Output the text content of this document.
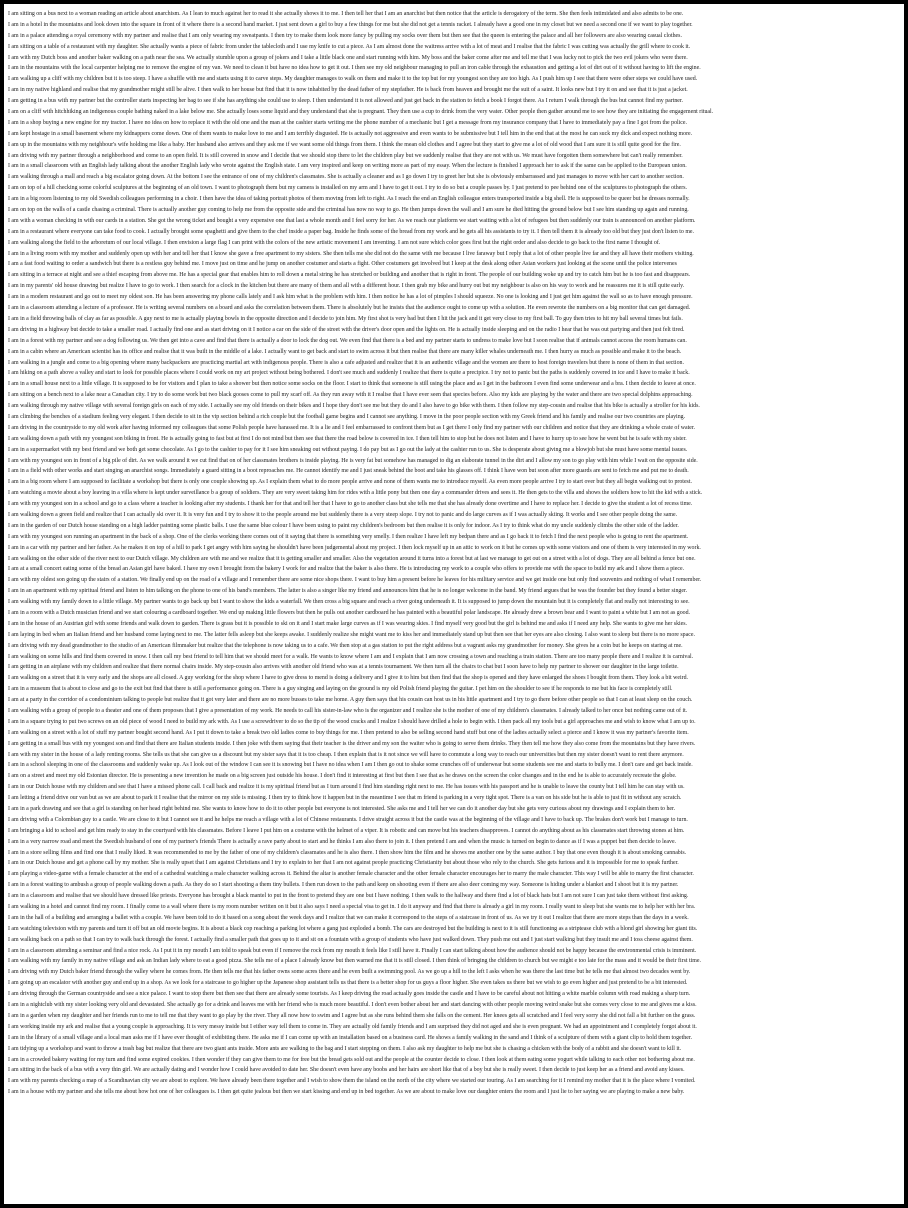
I am sitting on a bus next to a woman reading an article about anarchism. As I lean to much against her to read it she actually shows it to me. I then tell her that I am an anarchist but then notice that the article is derogatory of the term. She then feels intimidated and also admits to be one.
I am in a hotel in the mountains and look down into the square in front of it where there is a second hand market. I just sent down a girl to buy a few things for me but she did not get a tennis racket. I already have a good one in my closet but we need a second one if we want to play together.
I am in a palace attending a royal ceremony with my partner and realise that I am only wearing my sweatpants. I then try to make them look more fancy by pulling my socks over them but then see that the queen is entering the palace and all her followers are also wearing casual clothes.
I am sitting on a table of a restaurant with my daughter. She actually wants a piece of fabric from under the tablecloth and I use my knife to cut a piece. As I am almost done the waitress arrive with a lot of meat and I realise that the fabric I was cutting was actually the grill where to cook it.
I am with my Dutch boss and another baker walking on a path near the sea. We actually stumble upon a group of jokers and I take a little black one and start running with him. My boss and the baker come after me and tell me that I was lucky not to pick the two evil jokers who were there.
I am in the mountains with the local carpenter helping me to remove the engine of my van. We need to clean it but have no idea how to get it out. I then see my old neighbour managing to pull an iron cable through the exhaustion and getting a lot of dirt out of it without having to lift the engine.
I am walking up a cliff with my children but it is too steep. I have a shuffle with me and starts using it to carve steps. My daughter manages to walk on them and make it to the top but for my youngest son they are too high. As I push him up I see that there were other steps we could have used.
I am in my native highland and realise that my grandmother might still be alive. I then walk to her house but find that it is now inhabited by the dead father of my stepfather. He is back from heaven and brought me the suit of a saint. It looks new but I try it on and see that it is just a jacket.
I am getting in a bus with my partner but the controller starts inspecting her bag to see if she has anything she could use to sleep. I then understand it is not allowed and just get back in the station to fetch a book I forgot there. As I return I walk through the bus but cannot find my partner.
I am on a cliff with hitchhiking an indigenous couple bathing naked in a lake below me. She actually loses some liquid and they understand that she is pregnant. They then use a cup to drink from the very water. Other people then gather around me to see how they are initiating the engagement ritual.
I am in a shop buying a new engine for my tractor. I have no idea on how to replace it with the old one and the man at the cashier starts writing me the phone number of a mechanic but I get a message from my insurance company that I have to immediately pay a fine I got from the police.
I am kept hostage in a small basement where my kidnappers come down. One of them wants to make love to me and I am terribly disgusted. He is actually not aggressive and even wants to be submissive but I tell him in the end that at the most he can suck my dick and expect nothing more.
I am up in the mountains with my neighbour's wife holding me like a baby. Her husband also arrives and they ask me if we want some old things from them. I think the mean old clothes and I agree but they start to give me a lot of old wood that I am sure it is still quite good for the fire.
I am driving with my partner through a neighborhood and come to an open field. It is still covered in snow and I decide that we should stop there to let the children play but we suddenly realise that they are not with us. We must have forgotten them somewhere but can't really remember.
I am in a small classroom with an English lady talking about the another English lady who wrote against the English state. I am very inspired and keep on writing more as part of my essay. When the lecture is finished I approach her to ask if the same can be applied to the European union.
I am walking through a mall and reach a big escalator going down. At the bottom I see the entrance of one of my children's classmates. She is actually a cleaner and as I go down I try to greet her but she is obviously embarrassed and just manages to move with her cart to another section.
I am on top of a hill checking some colorful sculptures at the beginning of an old town. I want to photograph them but my camera is installed on my arm and I have to get it out. I try to do so but a couple passes by. I just pretend to pee behind one of the sculptures to photograph the others.
I am in a big room listening to my old Swedish colleagues performing in a choir. I then have the idea of taking portrait photos of them moving from left to right. As I reach the end an English colleague enters transported inside a big shell. He is supposed to be queer but he dresses normally.
I am on top on the walls of a castle chasing a criminal. There is actually another guy coming to help me from the opposite side and the criminal has now no way to go. He then jumps down the wall and I am sure he died hitting the ground below but I see him standing up again and running.
I am with a woman checking in with our cards in a station. She got the wrong ticket and bought a very expensive one that last a whole month and I feel sorry for her. As we reach our platform we start waiting with a lot of refugees but then suddenly our train is announced on another platform.
I am in a restaurant where everyone can take food to cook. I actually brought some spaghetti and give them to the chef inside a paper bag. Inside he finds some of the bread from my work and he gets all his assistants to try it. I then tell them it is already too old but they just don't listen to me.
I am walking along the field to the arboretum of our local village. I then envision a large flag I can print with the colors of the new artistic movement I am inventing. I am not sure which color goes first but the right order and also decide to go back to the first name I thought of.
I am in a living room with my mother and suddenly open up with her and tell her that I know she gave a free apartment to my sisters. She then tells me she did not do the same with me because I live faraway but I reply that a lot of other people live far and they all have their mothers visiting.
I am a fast food waiting to order a sandwich but there is a restless guy behind me. I move just on time and he jump on another costumer and starts a fight. Other costumers get involved but I keep at the desk along other Asian workers just looking at the scene until the police intervenes
I am sitting in a terrace at night and see a thief escaping from above me. He has a special gear that enables him to roll down a metal string he has stretched or building and another that is right in front. The people of our building woke up and try to catch him but he is too fast and disappears.
I am in my parents' old house drawing but realize I have to go to work. I then search for a clock in the kitchen but there are many of them and all with a different hour. I then grab my bike and hurry out but my neighbour is also on his way to work and he reassures me it is still quite early.
I am in a modern restaurant and go out to meet my oldest son. He has been answering my phone calls lately and I ask him what is the problem with him. I then notice he has a lot of pimples I should squeeze. No one is looking and I just get him against the wall so as to have enough pressure.
I am in a classroom attending a lecture of a professor. He is writing several numbers on a board and asks the correlation between them. There is absolutely but he insists that the audience ought to come up with a solution. He even rewrote the numbers on a big monitor that can get damaged.
I am in a field throwing balls of clay as far as possible. A guy next to me is actually playing bowls in the opposite direction and I decide to join him. My first shot is very bad but then I hit the jack and it get very close to my first ball. To guy then tries to hit my ball several times but fails.
I am driving in a highway but decide to take a smaller road. I actually find one and as start driving on it I notice a car on the side of the street with the driver's door open and the lights on. He is actually inside sleeping and on the radio I hear that he was out partying and then just felt tired.
I am in a forest with my partner and see a dog following us. We then get into a cave and find that there is actually a door to lock the dog out. We even find that there is a bed and my partner starts to undress to make love but I soon realise that if animals cannot access the room humans can.
I am in a cabin where an American scientist has its office and realise that it was built in the middle of a lake. I actually want to get back and start to swim across it but then realise that there are many killer whales underneath me. I then hurry as much as possible and make it to the beach.
I am walking in a jungle and come to a big opening where many backpackers are practicing martial art with indigenous people. There is also a cafe adjusted and realize that it is an authentic village and the women are there to host foreign travelers but there is none of them in that section.
I am hiking on a path above a valley and start to look for possible places where I could work on my art project without being bothered. I don't see much and suddenly I realize that there is quite a precipice. I try not to panic but the paths is suddenly covered in ice and I have to make it back.
I am in a small house next to a little village. It is supposed to be for visitors and I plan to take a shower but then notice some socks on the floor. I start to think that someone is still using the place and as I get in the bathroom I even find some underwear and a bra. I then decide to leave at once.
I am sitting on a bench next to a lake near a Canadian city. I try to do some work but two black gooses come to pull my scarf off. As they run away with it I realise that I have ever seen that species before. Also my kids are playing by the water and there are two special dolphins approaching.
I am walking through my native village with several foreign girls on each of my side. I actually see my old friends on their bikes and I hope they don't see me but they do and I also have to go bike with them. I then follow my step-cousin and realise that his bike is actually a stroller for his kids.
I am climbing the benches of a stadium feeling very elegant. I then decide to sit in the vip section behind a rich couple but the football game begins and I cannot see anything. I move in the poor people section with my Greek friend and his family and realise our two countries are playing.
I am driving in the countryside to my old work after having informed my colleagues that some Polish people have harassed me. It is a lie and I feel embarrassed to confront them but as I get there I only find my partner with our children and notice that they are drinking a whole crate of water.
I am walking down a path with my youngest son biking in front. He is actually going to fast but at first I do not mind but then see that there the road below is covered in ice. I then tell him to stop but he does not listen and I have to hurry up to see how he went but he is safe with my sister.
I am in a supermarket with my best friend and we both get some chocolate. As I go to the cashier to pay for it I see him sneaking out without paying. I do pay but as I go out the lady at the cashier run to us. She is desperate about giving me a blowjob but she must have some mental issues.
I am with my youngest son in front of a big pile of dirt. As we walk around it we cut find that on of her classmates brothers is inside playing. He is very fat but somehow has managed to dig an elaborate tunnel in the dirt and I allow my son to go play with him while I wait on the opposite side.
I am in a field with other works and start singing an anarchist songs. Immediately a guard sitting in a boot reproaches me. He cannot identify me and I just sneak behind the boot and take his glasses off. I think I have won but soon after more guards are sent to fetch me and put me to death.
I am in a big room where I am supposed to facilitate a workshop but there is only one couple showing up. As I explain them what to do more people arrive and none of them wants me to introduce myself. As even more people arrive I try to start over but they all begin walking out to protest.
I am watching a movie about a boy leaving in a villa where is kept under surveillance b a group of soldiers. They are very sweet taking him for rides with a little pony but then one day a commander drives and sees it. He then gets to the villa and shows the soldiers how to hit the kid with a stick.
I am with my youngest son in a school and go to a class where a teacher is looking after my students. I thank her for that and tell her that I have to go to another class but she tells me that she has already done overtime and I have to replace her. I decide to give the student a lot of recess time.
I am walking down a green field and realize that I can actually ski over it. It is very fun and I try to show it to the people around me but suddenly there is a very steep slope. I try not to panic and do large curves as if I was actually skiing. It works and I see other people doing the same.
I am in the garden of our Dutch house standing on a high ladder painting some plastic balls. I use the same blue colour I have been using to paint my children's bedroom but then realise it is only for indoor. As I try to think what do my uncle suddenly climbs the other side of the ladder.
I am with my youngest son running an apartment in the back of a shop. One of the clerks working there comes out of it saying that there is something very smelly. I then realize I have left my bedpan there and as I go back it to fetch I find the next people who is going to rent the apartment.
I am in a car with my partner and her father. As he makes it on top of a hill to park I get angry with him saying he shouldn't have been judgemental about my project. I then lock myself up in an attic to work on it but he comes up with some visitors and one of them is very interested in my work.
I am walking on the other side of the river next to our Dutch village. My children are with me and we realize that it is getting smaller and smaller. Also the vegetation around it turns into a forest but at last we manage to get out on a street with a lot of dogs. They are all behind a fence but one.
I am at a small concert eating some of the bread an Asian girl have baked. I have my own I brought from the bakery I work for and realize that the baker is also there. He is introducing my work to a couple who offers to provide me with the space to build my ark and I show them a piece.
I am with my oldest son going up the stairs of a station. We finally end up on the road of a village and I remember there are some nice shops there. I want to buy him a present before he leaves for his military service and we get inside one but only find souvenirs and nothing of what I remember.
I am in an apartment with my spiritual friend and listen to him talking on the phone to one of his band's members. The latter is also a singer like my friend and announces him that he is no longer welcome in the band. My friend argues that he was the founder but they found a better singer.
I am walking with my family down to a little village. My partner wants to go back up but I want to show the kids a waterfall. We then cross a big square and reach a river going underneath it. It is supposed to jump down the mountain but it is completely flat and really not interesting to see.
I am in a room with a Dutch musician friend and we start colouring a cardboard together. We end up making little flowers but then he pulls out another cardboard he has painted with a beautiful polar landscape. He already drew a brown bear and I want to paint a white but I am not as good.
I am in the house of an Austrian girl with some friends and walk down to garden. There is grass but it is possible to ski on it and I start make large curves as if I was wearing skies. I find myself very good but the girl is behind me and asks if I need any help. She wants to give me her skies.
I am laying in bed when an Italian friend and her husband come laying next to me. The latter fells asleep but she keeps awake. I suddenly realize she might want me to kiss her and immediately stand up but then see that her eyes are also closing. I also want to sleep but there is no more space.
I am driving with my dead grandmother to the studio of an American filmmaker but realize that the telephone is now taking us to a cafe. We then stop at a gas station to put the right address but a vagrant asks my grandmother for money. She gives he a coin but he keeps on staring at me.
I am walking on some hills and find them covered in snow. I then call my best friend to tell him that we should meet for a walk. He wants to know where I am and I explain that I am now crossing a town and reaching a train station. There are too many people there and I realize it is carnival.
I am getting in an airplane with my children and realize that there normal chairs inside. My step-cousin also arrives with another old friend who was at a tennis tournament. We then turn all the chairs to chat but I soon have to help my partner to shower our daughter in the large toilette.
I am walking on a street that it is very early and the shops are all closed. A guy working for the shop where I have to give dress to mend is doing a delivery and I give it to him but then find that the shop is opened and they have enlarged the shoes I bought from them. They look a bit weird.
I am in a museum that is about to close and go to the exit but find that there is still a performance going on. There is a guy singing and laying on the ground is my old Polish friend playing the guitar. I pet him on the shoulder to see if he responds to me but his face is completely still.
I am at a party in the corridor of a condominium talking to people but realize that it got very later and there are no more busses to take me home. A guy then says that his cousin can host us in his little apartment and I try to go there before other people so that I can at least sleep on the couch.
I am walking with a group of people to a theater and one of them proposes that I give a presentation of my work. He needs to call his sister-in-law who is the organizer and I realize she is the mother of one of my children's classmates. I already talked to her once but nothing came out of it.
I am in a square trying to put two screws on an old piece of wood I need to build my ark with. As I use a screwdriver to do so the tip of the wood cracks and I realize I should have drilled a hole to begin with. I then pack all my tools but a girl approaches me and wish to know what I am up to.
I am walking on a street with a lot of stuff my partner bought second hand. As I put it down to take a break two old ladies come to buy things for me. I then pretend to also be selling second hand stuff but one of the ladies actually select a pierce and I know it was my partner's favorite item.
I am getting in a small bus with my youngest son and find that there are Italian students inside. I then joke with them saying that their teacher is the driver and my son the waiter who is going to serve them drinks. They then tell me how they also come from the mountains but they have rivers.
I am with my sister in the house of a lady renting rooms. She tells us that she can give us a discount but my sister says that it is too cheap. I then explain that is it not since we will have to commute a long way to reach our universities but then my sister doesn't want to rent there anymore.
I am in a school sleeping in one of the classrooms and suddenly wake up. As I look out of the window I can see it is snowing but I have no idea when I am I then go out to shake some crunches off of underwear but some students see me and starts to bully me. I don't care and get back inside.
I am on a street and meet my old Estonian director. He is presenting a new invention he made on a big screen just outside his house. I don't find it interesting at first but then I see that as he draws on the screen the color changes and in the end he is able to accurately recreate the globe.
I am in our Dutch house with my children and see that I have a missed phone call. I call back and realize it is my spiritual friend but as I turn around I find him standing right next to me. He has issues with his passport and he is unable to leave the county but I tell him he can stay with us.
I am letting a friend drive our van but as we are about to park it I realise that the mirror on my side is missing. I then try to think how it happen but in the meantime I see that m friend is parking in a very tight spot. There is a van on his side but he is able to just fit in without any scratch.
I am in a park drawing and see that a girl is standing on her head right behind me. She wants to know how to do it to other people but everyone is not interested. She asks me and I tell her we can do it another day but she gets very curious about my drawings and I explain them to her.
I am driving with a Colombian guy to a castle. We are close to it but I cannot see it and he helps me reach a village with a lot of Chinese restaurants. I drive straight across it but the castle was at the beginning of the village and I have to back up. The brakes don't work but I manage to turn.
I am bringing a kid to school and get him ready to stay in the courtyard with his classmates. Before I leave I put him on a costume with the helmet of a viper. It is robotic and can move but his teachers disapproves. I cannot do anything about as his classmates start throwing stones at him.
I am in a very narrow road and meet the Swedish husband of one of my partner's friends There is actually a rave party about to start and he thinks I am also there to join it. I then pretend I am and when the music is turned on begin to dance as if I was a puppet but then decide to leave.
I am in a store selling films and find one that I really liked. It was recommended to me by the father of one of my children's classmates and he is also there. I then show him the film and he shows me another one by the same author. I buy that one even though it is about smoking cannabis.
I am in our Dutch house and get a phone call by my mother. She is really upset that I am against Christians and I try to explain to her that I am not against people practicing Christianity but about those who rely to the church. She gets furious and it is impossible for me to speak further.
I am playing a video-game with a female character at the end of a cathedral watching a male character walking across it. Behind the altar is another female character and the other female character encourages her to marry the male character. This way I will be able to marry the first character.
I am in a forest waiting to ambush a group of people walking down a path. As they do so I start shooting a them tiny bullets. I then run down to the path and keep on shooting even if there are also deer coming my way. Someone is hiding under a blanket and I shoot but it is my partner.
I am in a classroom and realise that we should have dressed like priests. Everyone has brought a black mantel to put in the front to pretend they are one but I have nothing. I then walk to the hallway and there find a lot of black hats but I am not sure I can just take them without first asking.
I am walking in a hotel and cannot find my room. I finally come to a wall where there is my room number written on it but it also says I need a special visa to get in. I do it anyway and find that there is already a girl in my room. I really want to sleep but she wants me to help her with her bra.
I am in the hall of a building and arranging a ballet with a couple. We have been told to do it based on a song about the week days and I realize that we can make it correspond to the steps of a staircase in front of us. As we try it out I realize that there are more steps than the days in a week.
I am watching television with my parents and turn it off but an old movie begins. It is about a black cop reaching a parking lot where a gang just exploded a bomb. The cars are destroyed but the building is next to it is still functioning as a striptease club with a blond girl showing her giant tits.
I am walking back on a path so that I can try to walk back through the forest. I actually find a smaller path that goes up to it and sit on a fountain with a group of students who have just walked down. They push me out and I just start walking but they insult me and I toss cheese against them.
I am in a classroom attending a seminar and find a nice rock. As I put it in my mouth I am told to speak but even if I remove the rock from my mouth it feels like I still have it. Finally I can start talking about how the audience should not be happy because the environmental crisis is imminent.
I am walking with my family in my native village and ask an Indian lady where to eat a good pizza. She tells me of a place I already know but then warned me that it is still closed. I then think of bringing the children to church but we might e too late for the mass and it would be their first time.
I am driving with my Dutch baker friend through the valley where he comes from. He then tells me that his father owns some acres there and he even built a swimming pool. As we go up a hill to the left I asks when he was there the last time but he tells me that almost two decades went by.
I am going up an escalator with another guy and end up in a shop. As we look for a staircase to go higher up the Japanese shop assistant tells us that there is a better shop for us guys a floor higher. She even takes us there but we wish to go even higher and just pretend to be a bit interested.
I am driving through the German countryside and see a nice palace. I want to stop there but then see that there are already some tourists. As I keep driving the road actually goes inside the castle and I have to be careful about not hitting a white marble column with road making a sharp turn.
I am in a nightclub with my sister looking very old and devastated. She actually go for a drink and leaves me with her friend who is much more beautiful. I don't even bother about her and start dancing with other people moving weird snake but she comes very close to me and gives me a kiss.
I am in a garden when my daughter and her friends run to me to tell me that they want to go play by the river. They all now how to swim and I agree but as she runs behind them she falls on the cement. Her knees gets all scratched and I feel very sorry she did not fall a bit further on the grass.
I am working inside my ark and realise that a young couple is approaching. It is very messy inside but I either way tell them to come in. They are actually old family friends and I am surprised they did not aged and she is even pregnant. We had an appointment and I completely forgot about it.
I am in the library of a small village and a local man asks me if I have ever thought of exhibiting there. He asks me if I can come up with an installation based on a business card. He shows a family walking in the sand and I think of a sculpture of them with a giant clip to hold them together.
I am tidying up a workshop and want to throw a trash bag but realize that there are two giant ants inside. More ants are walking to the bag and I start stepping on them. I also ask my daughter to help me but she is chasing a chicken with the body of a rabbit and she doesn't want to kill it.
I am in a crowded bakery waiting for my turn and find some expired cookies. I then wonder if they can give them to me for free but the bread gets sold out and the people at the counter decide to close. I then look at them eating some yogurt while talking to each other not bothering about me.
I am sitting in the back of a bus with a very thin girl. We are actually dating and I wonder how I could have avoided to date her. She doesn't even have any boobs and her hairs are short like that of a boy but she is really sweet. I then decide to just keep her as a friend and avoid any kisses.
I am with my parents checking a map of a Scandinavian city we are about to explore. We have already been there together and I wish to show them the island on the north of the city where we started our touring. As I am searching for it I remind my mother that it is the place where I vomited.
I am in a house with my partner and she tells me about how hot one of her colleagues is. I then get quite jealous but then we start kissing and end up in bed together. As we are about to make love our daughter enters the room and I just lie to her saying we are playing to make a new baby.
